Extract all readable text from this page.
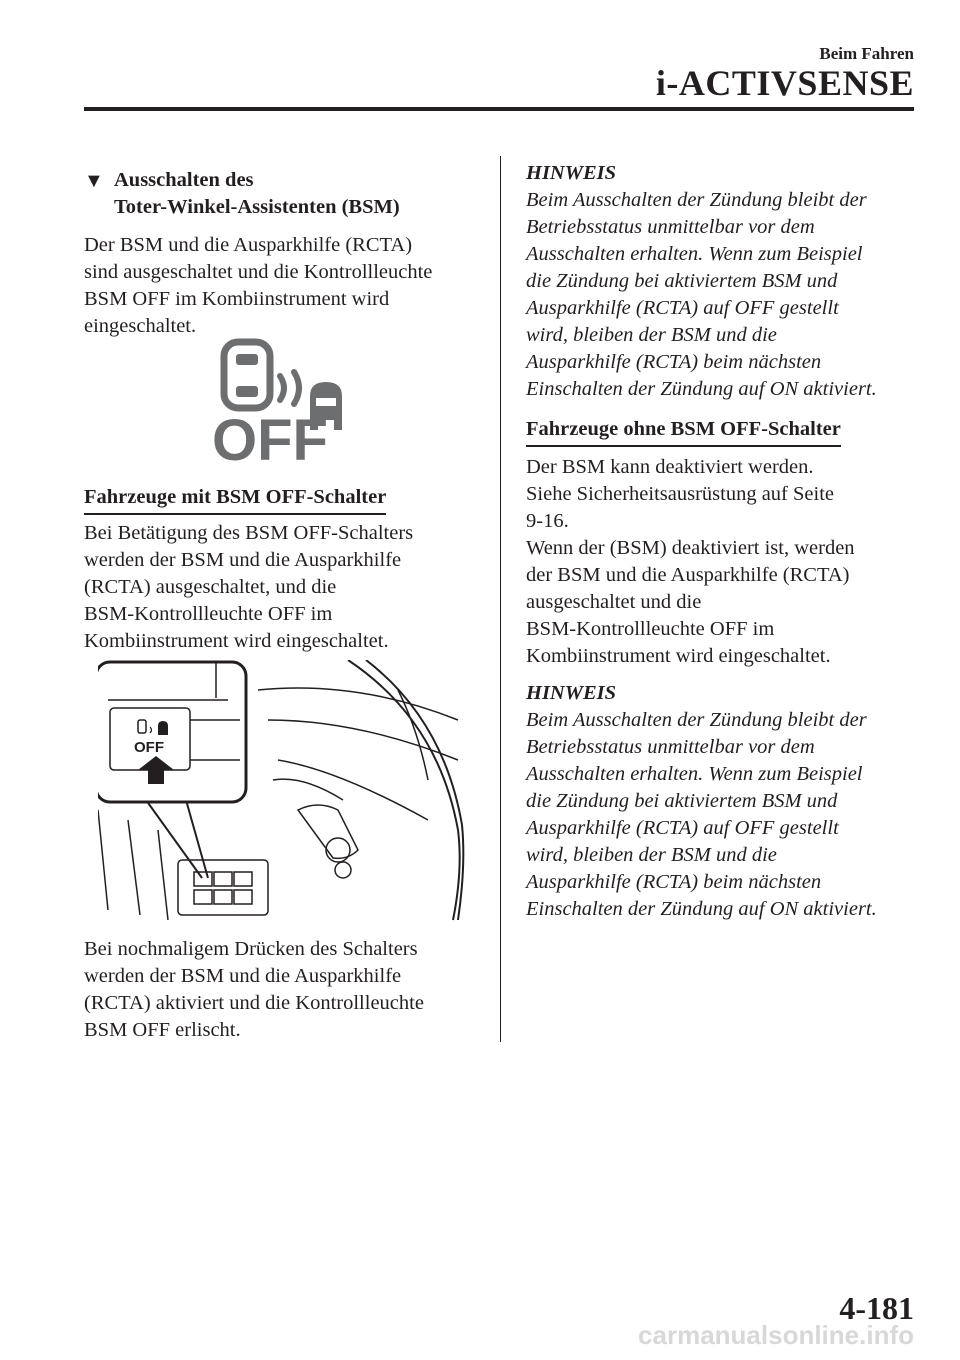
Beim Fahren
i-ACTIVSENSE
▼ Ausschalten des
Toter-Winkel-Assistenten (BSM)
Der BSM und die Ausparkhilfe (RCTA)
sind ausgeschaltet und die Kontrollleuchte
BSM OFF im Kombiinstrument wird
eingeschaltet.
OFF
Fahrzeuge mit BSM OFF-Schalter
Bei Betätigung des BSM OFF-Schalters
werden der BSM und die Ausparkhilfe
(RCTA) ausgeschaltet, und die
BSM-Kontrollleuchte OFF im
Kombiinstrument wird eingeschaltet.
OFF
Bei nochmaligem Drücken des Schalters
werden der BSM und die Ausparkhilfe
(RCTA) aktiviert und die Kontrollleuchte
BSM OFF erlischt.
HINWEIS
Beim Ausschalten der Zündung bleibt der
Betriebsstatus unmittelbar vor dem
Ausschalten erhalten. Wenn zum Beispiel
die Zündung bei aktiviertem BSM und
Ausparkhilfe (RCTA) auf OFF gestellt
wird, bleiben der BSM und die
Ausparkhilfe (RCTA) beim nächsten
Einschalten der Zündung auf ON aktiviert.
Fahrzeuge ohne BSM OFF-Schalter
Der BSM kann deaktiviert werden.
Siehe Sicherheitsausrüstung auf Seite
9-16.
Wenn der (BSM) deaktiviert ist, werden
der BSM und die Ausparkhilfe (RCTA)
ausgeschaltet und die
BSM-Kontrollleuchte OFF im
Kombiinstrument wird eingeschaltet.
HINWEIS
Beim Ausschalten der Zündung bleibt der
Betriebsstatus unmittelbar vor dem
Ausschalten erhalten. Wenn zum Beispiel
die Zündung bei aktiviertem BSM und
Ausparkhilfe (RCTA) auf OFF gestellt
wird, bleiben der BSM und die
Ausparkhilfe (RCTA) beim nächsten
Einschalten der Zündung auf ON aktiviert.
4-181
carmanualsonline.info
